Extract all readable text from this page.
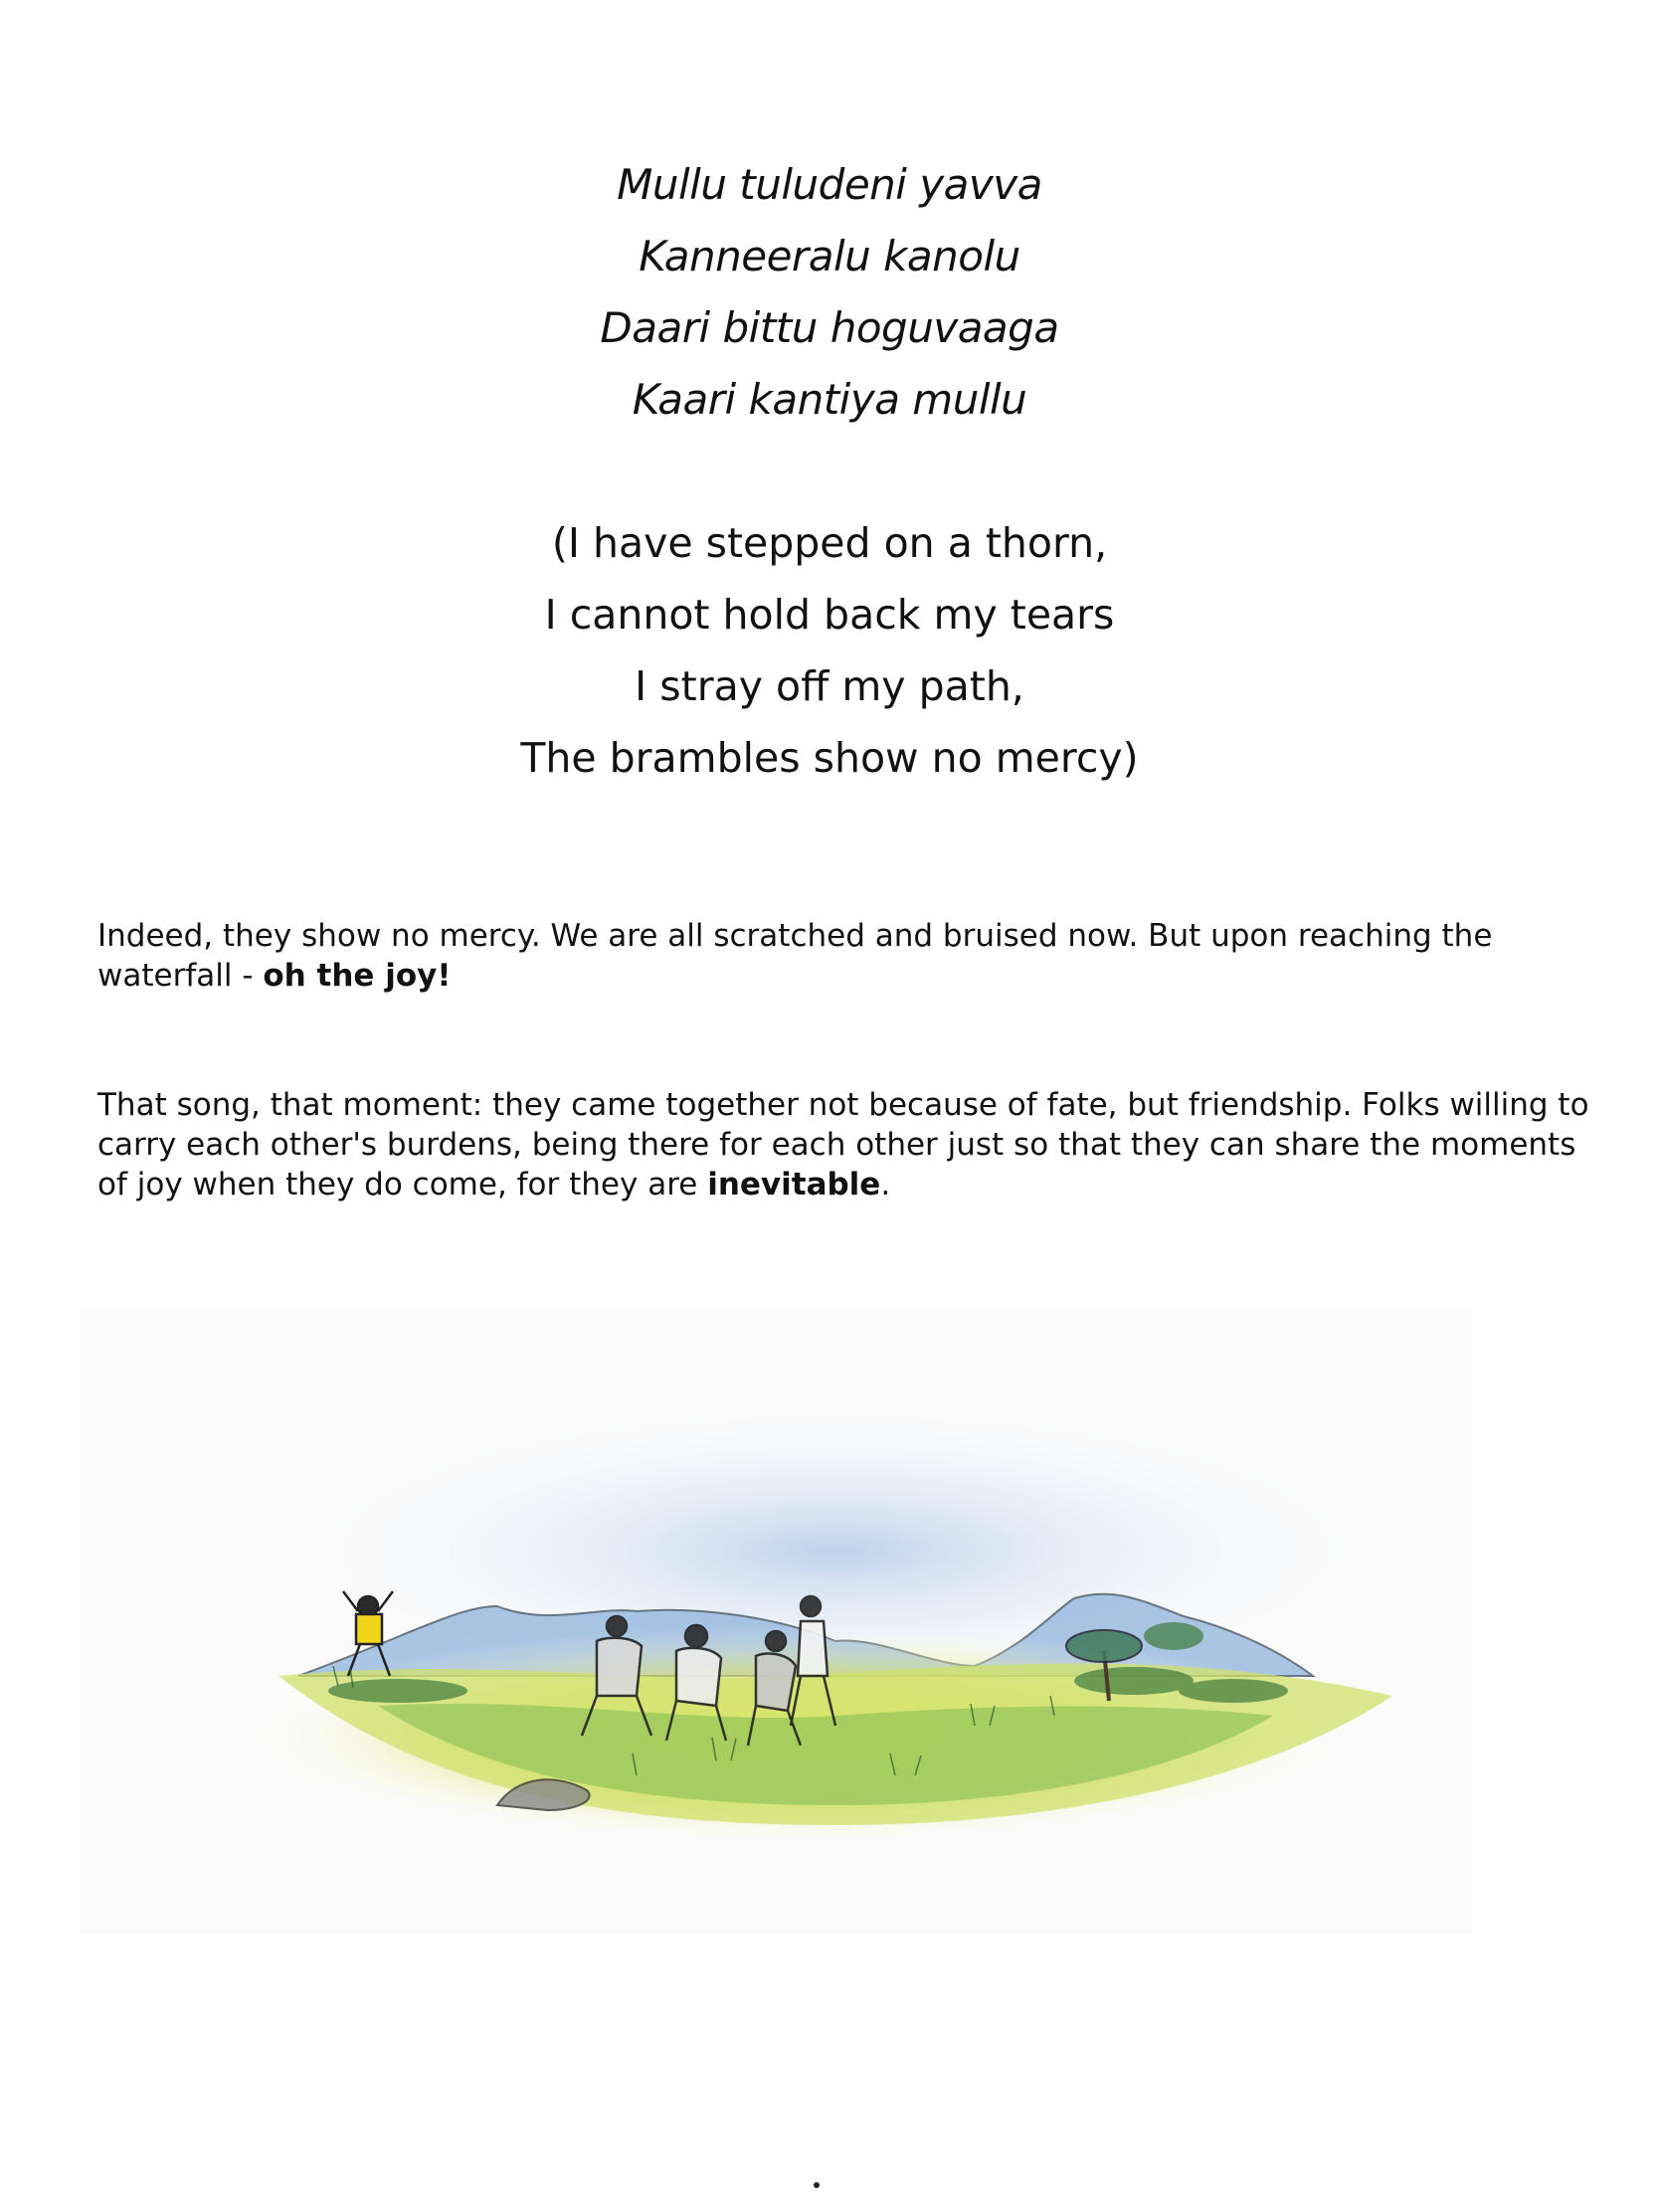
Mullu tuludeni yavva
Kanneeralu kanolu
Daari bittu hoguvaaga
Kaari kantiya mullu
(I have stepped on a thorn,
I cannot hold back my tears
I stray off my path,
The brambles show no mercy)

Indeed, they show no mercy. We are all scratched and bruised now. But upon reaching the waterfall - oh the joy!

That song, that moment: they came together not because of fate, but friendship. Folks willing to carry each other's burdens, being there for each other just so that they can share the moments of joy when they do come, for they are inevitable.
